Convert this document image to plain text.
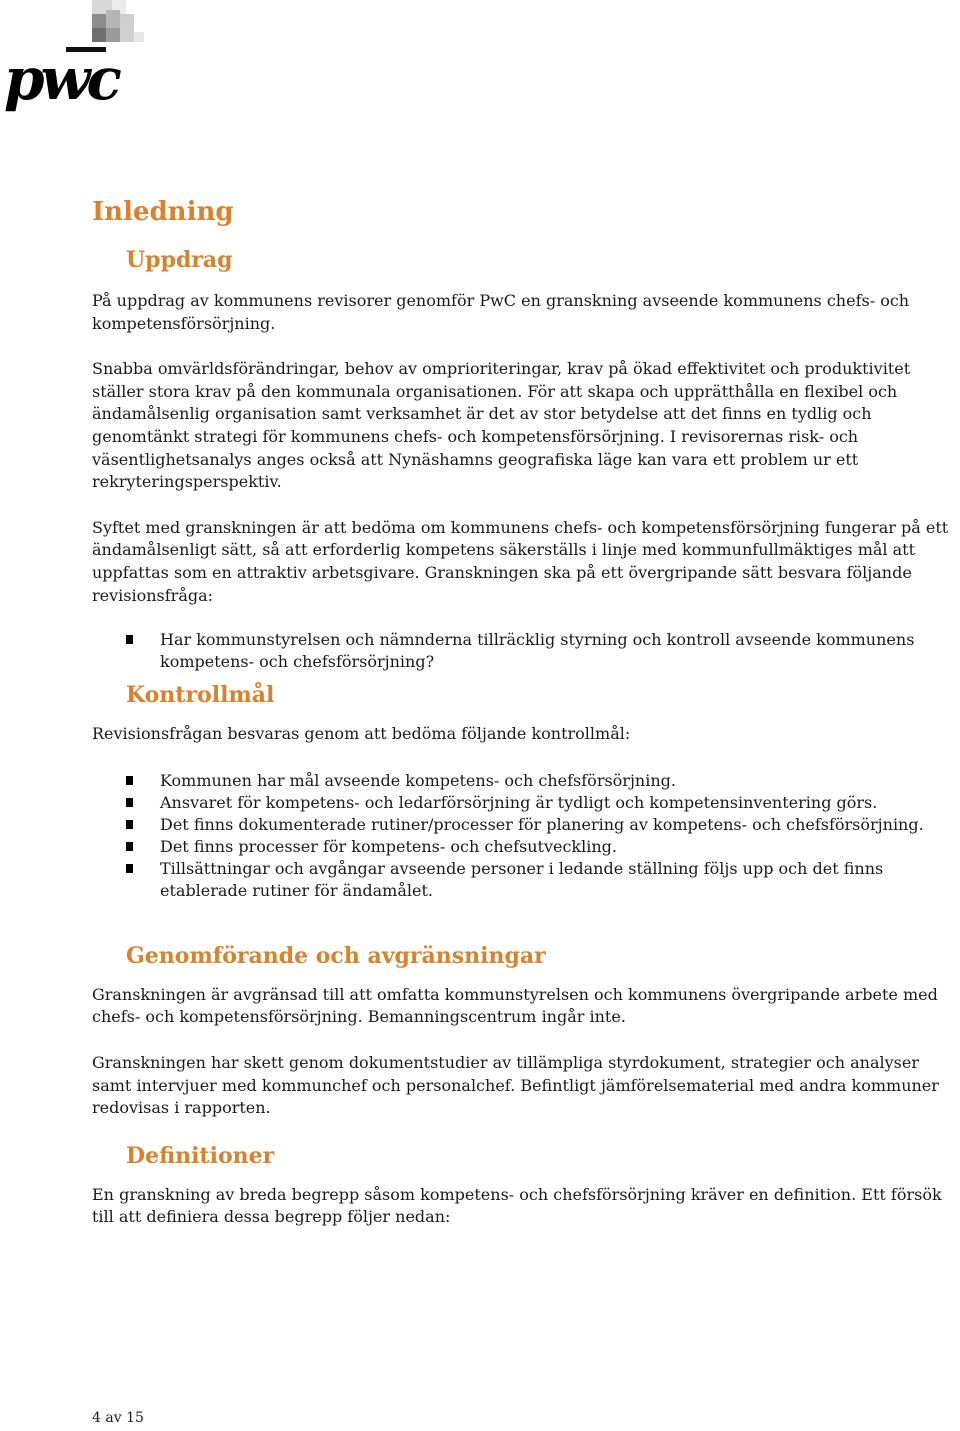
pwc
Inledning
Uppdrag

På uppdrag av kommunens revisorer genomför PwC en granskning avseende kommunens chefs- och kompetensförsörjning.

Snabba omvärldsförändringar, behov av omprioriteringar, krav på ökad effektivitet och produktivitet ställer stora krav på den kommunala organisationen. För att skapa och upprätthålla en flexibel och ändamålsenlig organisation samt verksamhet är det av stor betydelse att det finns en tydlig och genomtänkt strategi för kommunens chefs- och kompetensförsörjning. I revisorernas risk- och väsentlighetsanalys anges också att Nynäshamns geografiska läge kan vara ett problem ur ett rekryteringsperspektiv.

Syftet med granskningen är att bedöma om kommunens chefs- och kompetensförsörjning fungerar på ett ändamålsenligt sätt, så att erforderlig kompetens säkerställs i linje med kommunfullmäktiges mål att uppfattas som en attraktiv arbetsgivare. Granskningen ska på ett övergripande sätt besvara följande revisionsfråga:

Har kommunstyrelsen och nämnderna tillräcklig styrning och kontroll avseende kommunens kompetens- och chefsförsörjning?
Kontrollmål

Revisionsfrågan besvaras genom att bedöma följande kontrollmål:

Kommunen har mål avseende kompetens- och chefsförsörjning.
Ansvaret för kompetens- och ledarförsörjning är tydligt och kompetensinventering görs.
Det finns dokumenterade rutiner/processer för planering av kompetens- och chefsförsörjning.
Det finns processer för kompetens- och chefsutveckling.
Tillsättningar och avgångar avseende personer i ledande ställning följs upp och det finns etablerade rutiner för ändamålet.
Genomförande och avgränsningar

Granskningen är avgränsad till att omfatta kommunstyrelsen och kommunens övergripande arbete med chefs- och kompetensförsörjning. Bemanningscentrum ingår inte.

Granskningen har skett genom dokumentstudier av tillämpliga styrdokument, strategier och analyser samt intervjuer med kommunchef och personalchef. Befintligt jämförelsematerial med andra kommuner redovisas i rapporten.

Definitioner

En granskning av breda begrepp såsom kompetens- och chefsförsörjning kräver en definition. Ett försök till att definiera dessa begrepp följer nedan:

4 av 15
